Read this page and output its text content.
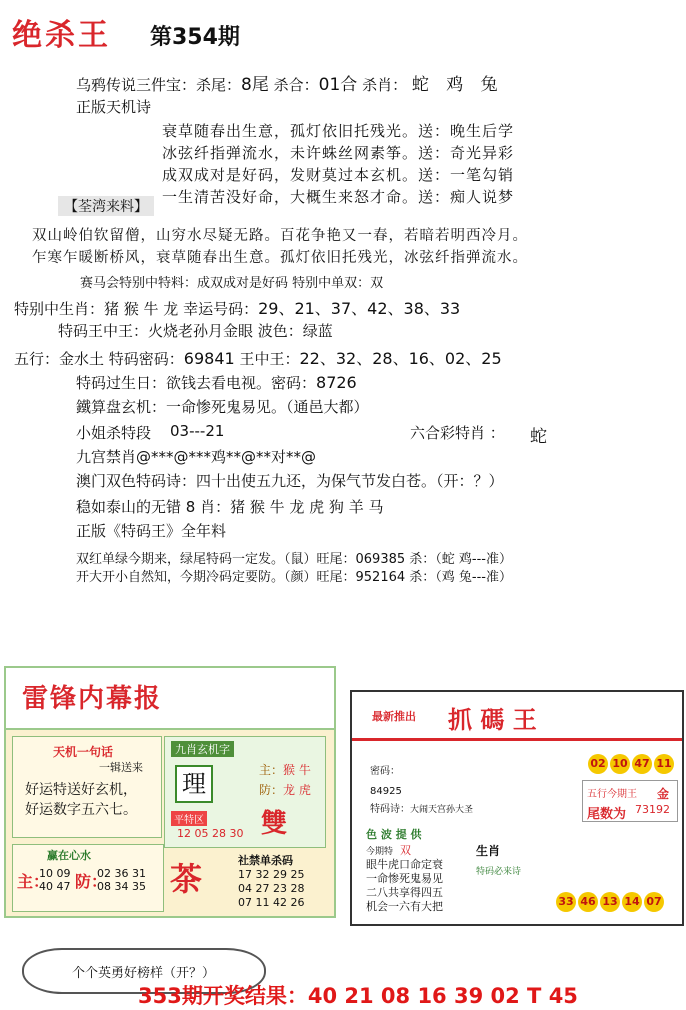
绝杀王 第354期
乌鸦传说三件宝：杀尾：8尾 杀合：01合 杀肖： 蛇 鸡 兔
正版天机诗
衰草随春出生意，孤灯依旧托残光。送：晚生后学
冰弦纤指弹流水，未许蛛丝网素筝。送：奇光异彩
成双成对是好码，发财莫过本玄机。送：一笔勾销
一生清苦没好命，大概生来怒才命。送：痴人说梦
【荃湾来料】
双山岭伯钦留僧，山穷水尽疑无路。百花争艳又一春，若暗若明西冷月。
乍寒乍暖断桥风，衰草随春出生意。孤灯依旧托残光，冰弦纤指弹流水。
赛马会特别中特料：成双成对是好码 特别中单双：双
特别中生肖：猪 猴 牛 龙 幸运号码：29、21、37、42、38、33
特码王中王：火烧老孙月金眼 波色：绿蓝
五行：金水土 特码密码：69841 王中王：22、32、28、16、02、25
特码过生日：欲钱去看电视。密码：8726
鐵算盘玄机：一命惨死鬼易见。（通邑大都）
小姐杀特段 03---21	六合彩特肖 ： 蛇
九宫禁肖@***@***鸡**@**对**@
澳门双色特码诗：四十出使五九还，为保气节发白苍。（开：？）
稳如泰山的无错 8 肖：猪 猴 牛 龙 虎 狗 羊 马
正版《特码王》全年料
双红单绿今期来，绿尾特码一定发。（鼠）旺尾：069385 杀：（蛇 鸡---准）
开大开小自然知，今期冷码定要防。（颜）旺尾：952164 杀：（鸡 兔---准）
雷锋内幕报
天机一句话
一辑送来
好运特送好玄机，
好运数字五六七。
九肖玄机字
理	主：猴 牛
防：龙 虎
平特区
12 05 28 30 雙
赢在心水
主：
10 09
40 47 防：
02 36 31
08 34 35 茶	社禁单杀码
17 32 29 25
04 27 23 28
07 11 42 26
最新推出 抓 碼 王
02 10 47 11
密码：
84925
特码诗：大闹天宫孙大圣
五行今期王 金
尾数为 73192
色 波 提 供
今期特 双
眼牛虎口命定衰
一命惨死鬼易见
二八共享得四五
机会一六有大把
生肖
特码必来诗
33 46 13 14 07
个个英勇好榜样（开？）
353期开奖结果：40 21 08 16 39 02 T 45
